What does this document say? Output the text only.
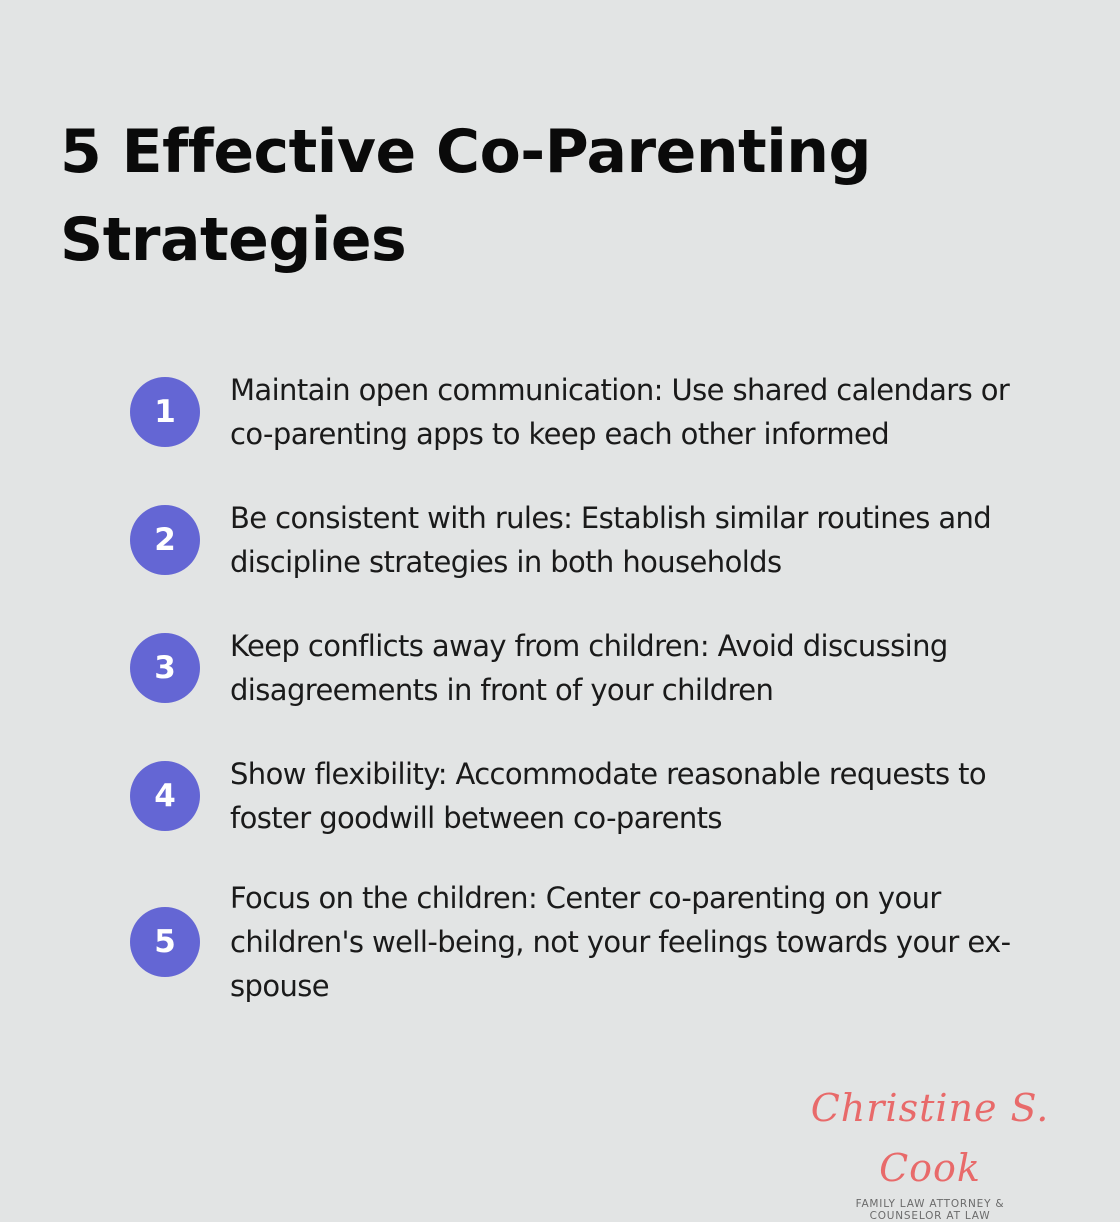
5 Effective Co-Parenting Strategies
1
Maintain open communication: Use shared calendars or co-parenting apps to keep each other informed
2
Be consistent with rules: Establish similar routines and discipline strategies in both households
3
Keep conflicts away from children: Avoid discussing disagreements in front of your children
4
Show flexibility: Accommodate reasonable requests to foster goodwill between co-parents
5
Focus on the children: Center co-parenting on your children's well-being, not your feelings towards your ex-spouse
Christine S. Cook
FAMILY LAW ATTORNEY &
COUNSELOR AT LAW
